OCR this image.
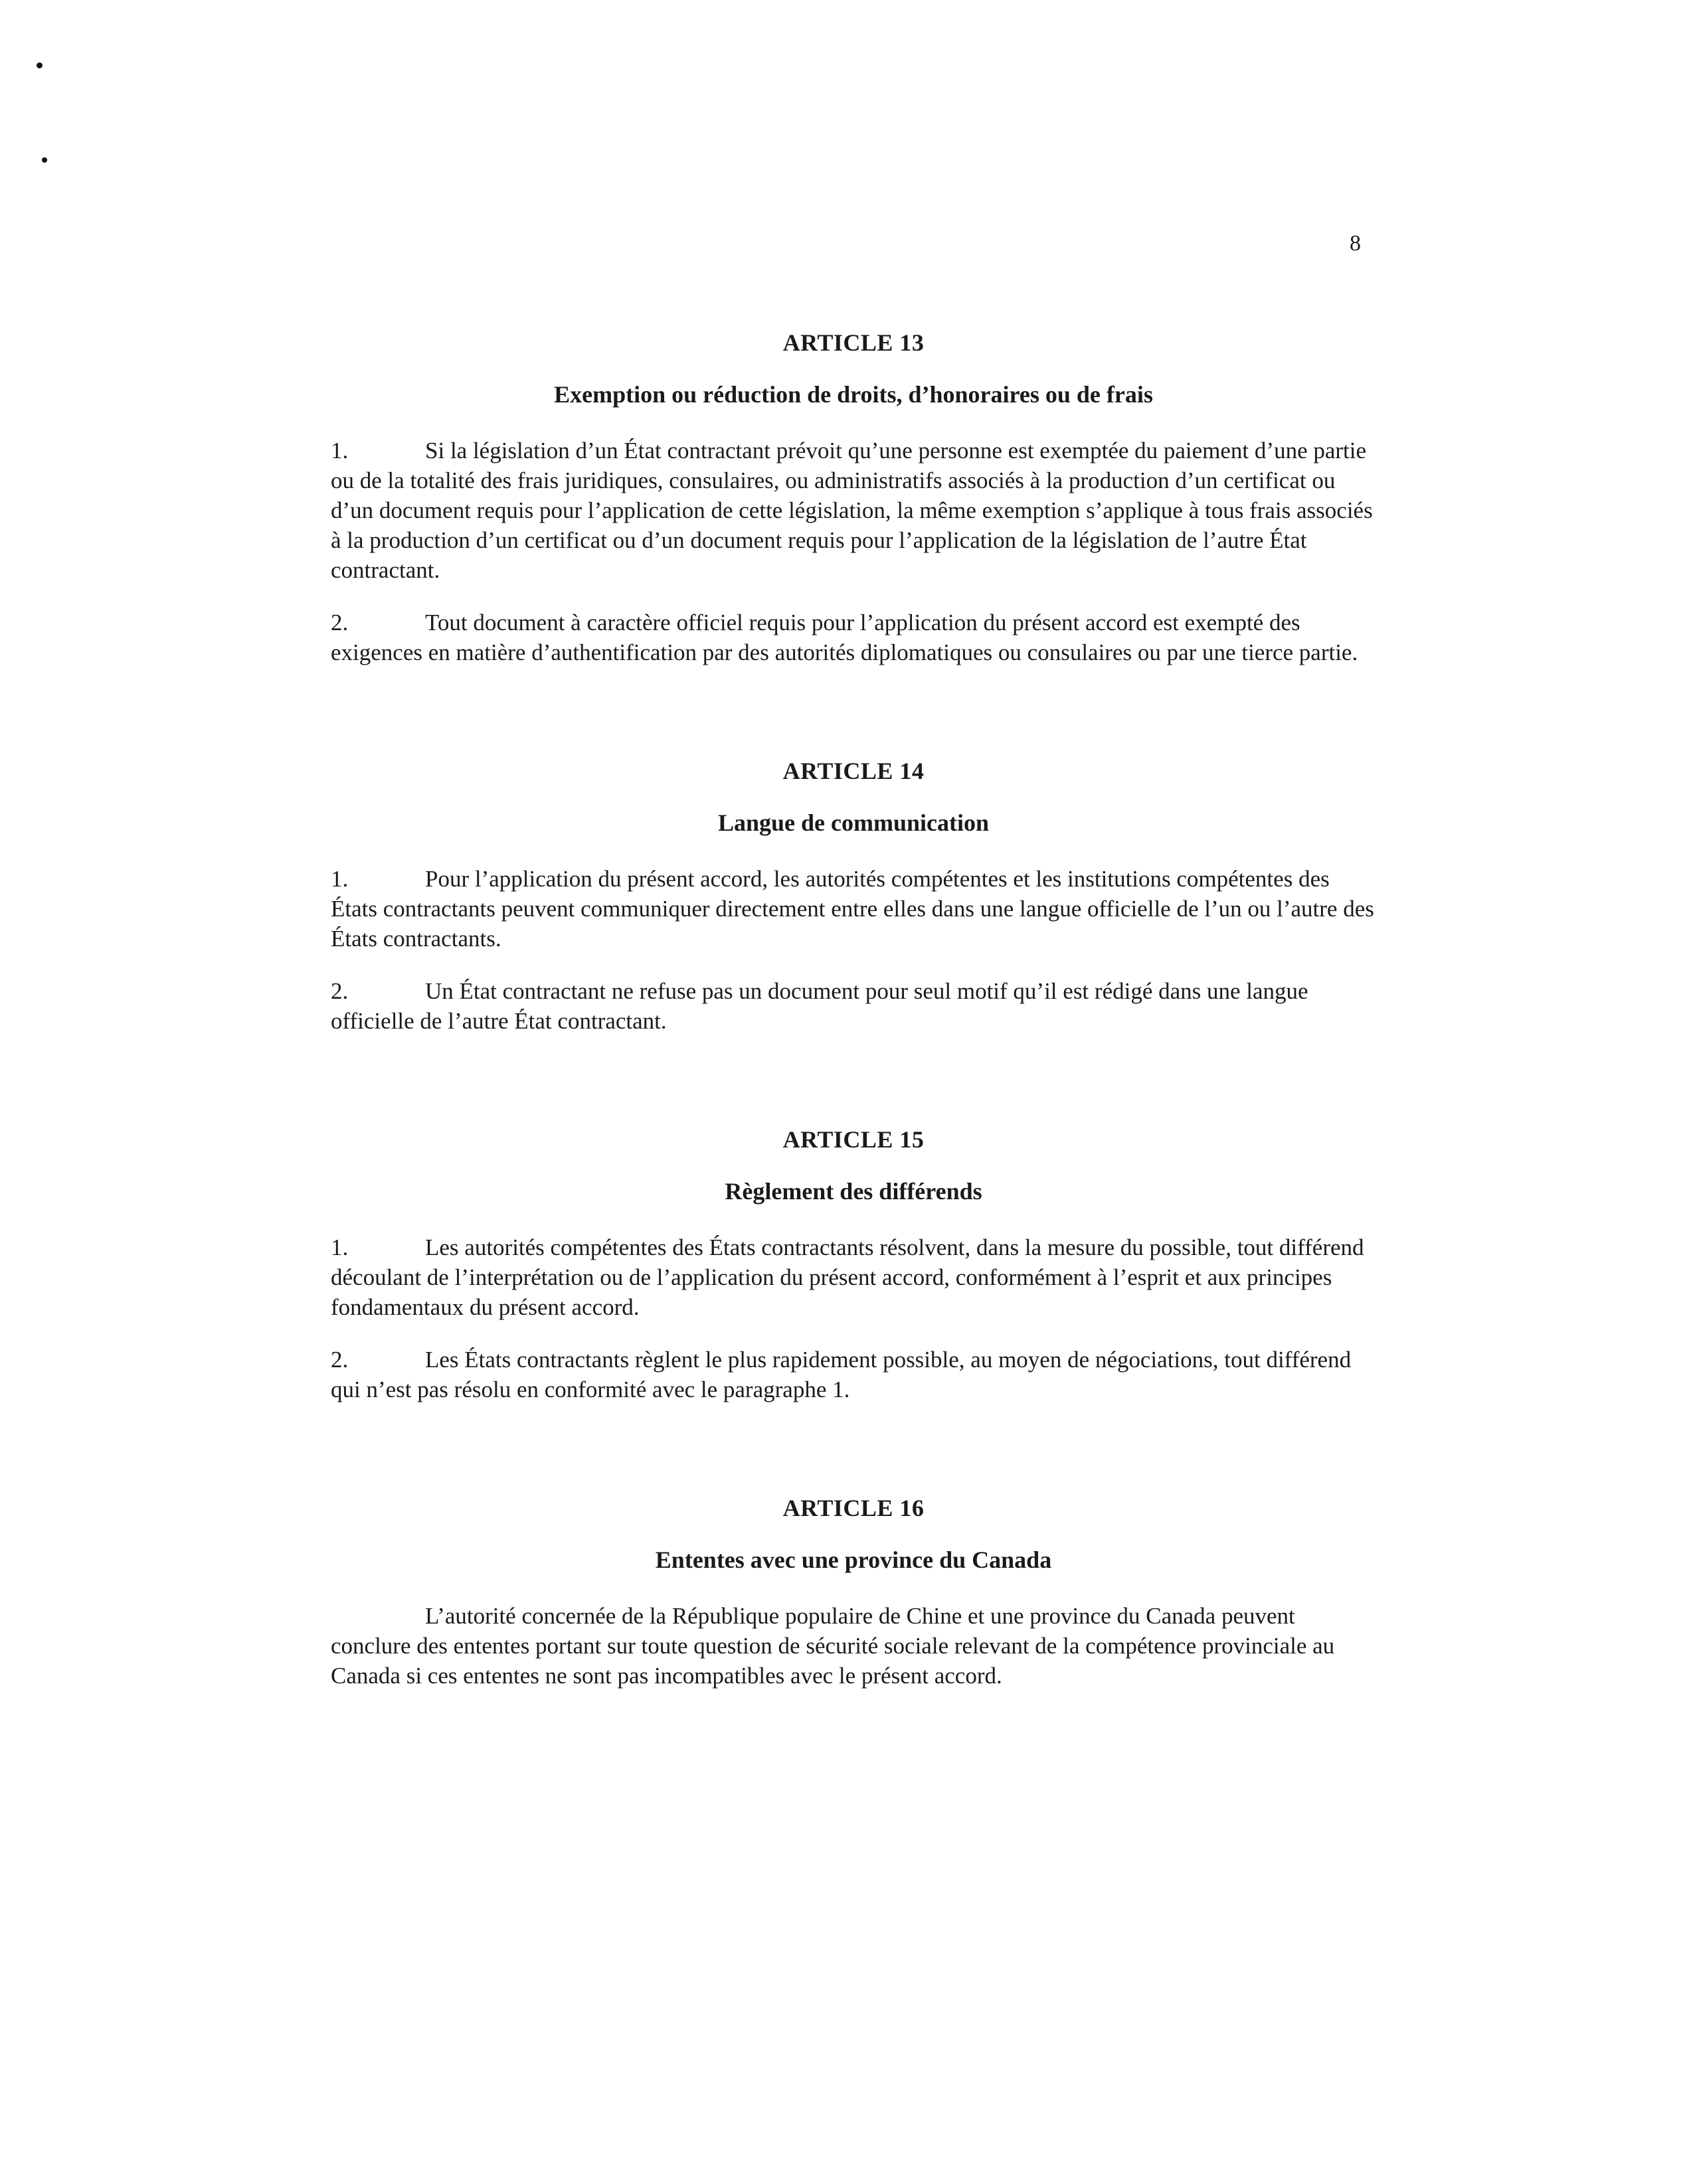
8
ARTICLE 13
Exemption ou réduction de droits, d’honoraires ou de frais

1.	Si la législation d’un État contractant prévoit qu’une personne est exemptée du paiement d’une partie ou de la totalité des frais juridiques, consulaires, ou administratifs associés à la production d’un certificat ou d’un document requis pour l’application de cette législation, la même exemption s’applique à tous frais associés à la production d’un certificat ou d’un document requis pour l’application de la législation de l’autre État contractant.

2.	Tout document à caractère officiel requis pour l’application du présent accord est exempté des exigences en matière d’authentification par des autorités diplomatiques ou consulaires ou par une tierce partie.

ARTICLE 14
Langue de communication

1.	Pour l’application du présent accord, les autorités compétentes et les institutions compétentes des États contractants peuvent communiquer directement entre elles dans une langue officielle de l’un ou l’autre des États contractants.

2.	Un État contractant ne refuse pas un document pour seul motif qu’il est rédigé dans une langue officielle de l’autre État contractant.

ARTICLE 15
Règlement des différends

1.	Les autorités compétentes des États contractants résolvent, dans la mesure du possible, tout différend découlant de l’interprétation ou de l’application du présent accord, conformément à l’esprit et aux principes fondamentaux du présent accord.

2.	Les États contractants règlent le plus rapidement possible, au moyen de négociations, tout différend qui n’est pas résolu en conformité avec le paragraphe 1.

ARTICLE 16
Ententes avec une province du Canada

L’autorité concernée de la République populaire de Chine et une province du Canada peuvent conclure des ententes portant sur toute question de sécurité sociale relevant de la compétence provinciale au Canada si ces ententes ne sont pas incompatibles avec le présent accord.
